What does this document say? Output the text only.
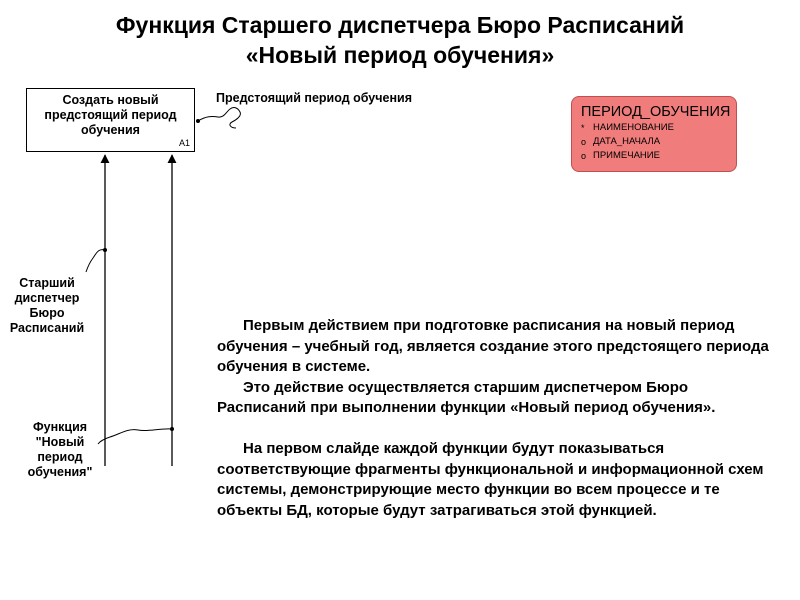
Функция Старшего диспетчера Бюро Расписаний
«Новый период обучения»
Создать новый
предстоящий период
обучения
A1
Предстоящий период обучения
Старший
диспетчер
Бюро
Расписаний
Функция
"Новый
период
обучения"
ПЕРИОД_ОБУЧЕНИЯ
* НАИМЕНОВАНИЕ
o ДАТА_НАЧАЛА
o ПРИМЕЧАНИЕ

Первым действием при подготовке расписания на новый период обучения – учебный год, является создание этого предстоящего периода обучения в системе.

Это действие осуществляется старшим диспетчером Бюро Расписаний при выполнении функции «Новый период обучения».

На первом слайде каждой функции будут показываться соответствующие фрагменты функциональной и информационной схем системы, демонстрирующие место функции во всем процессе и те объекты БД, которые будут затрагиваться этой функцией.
